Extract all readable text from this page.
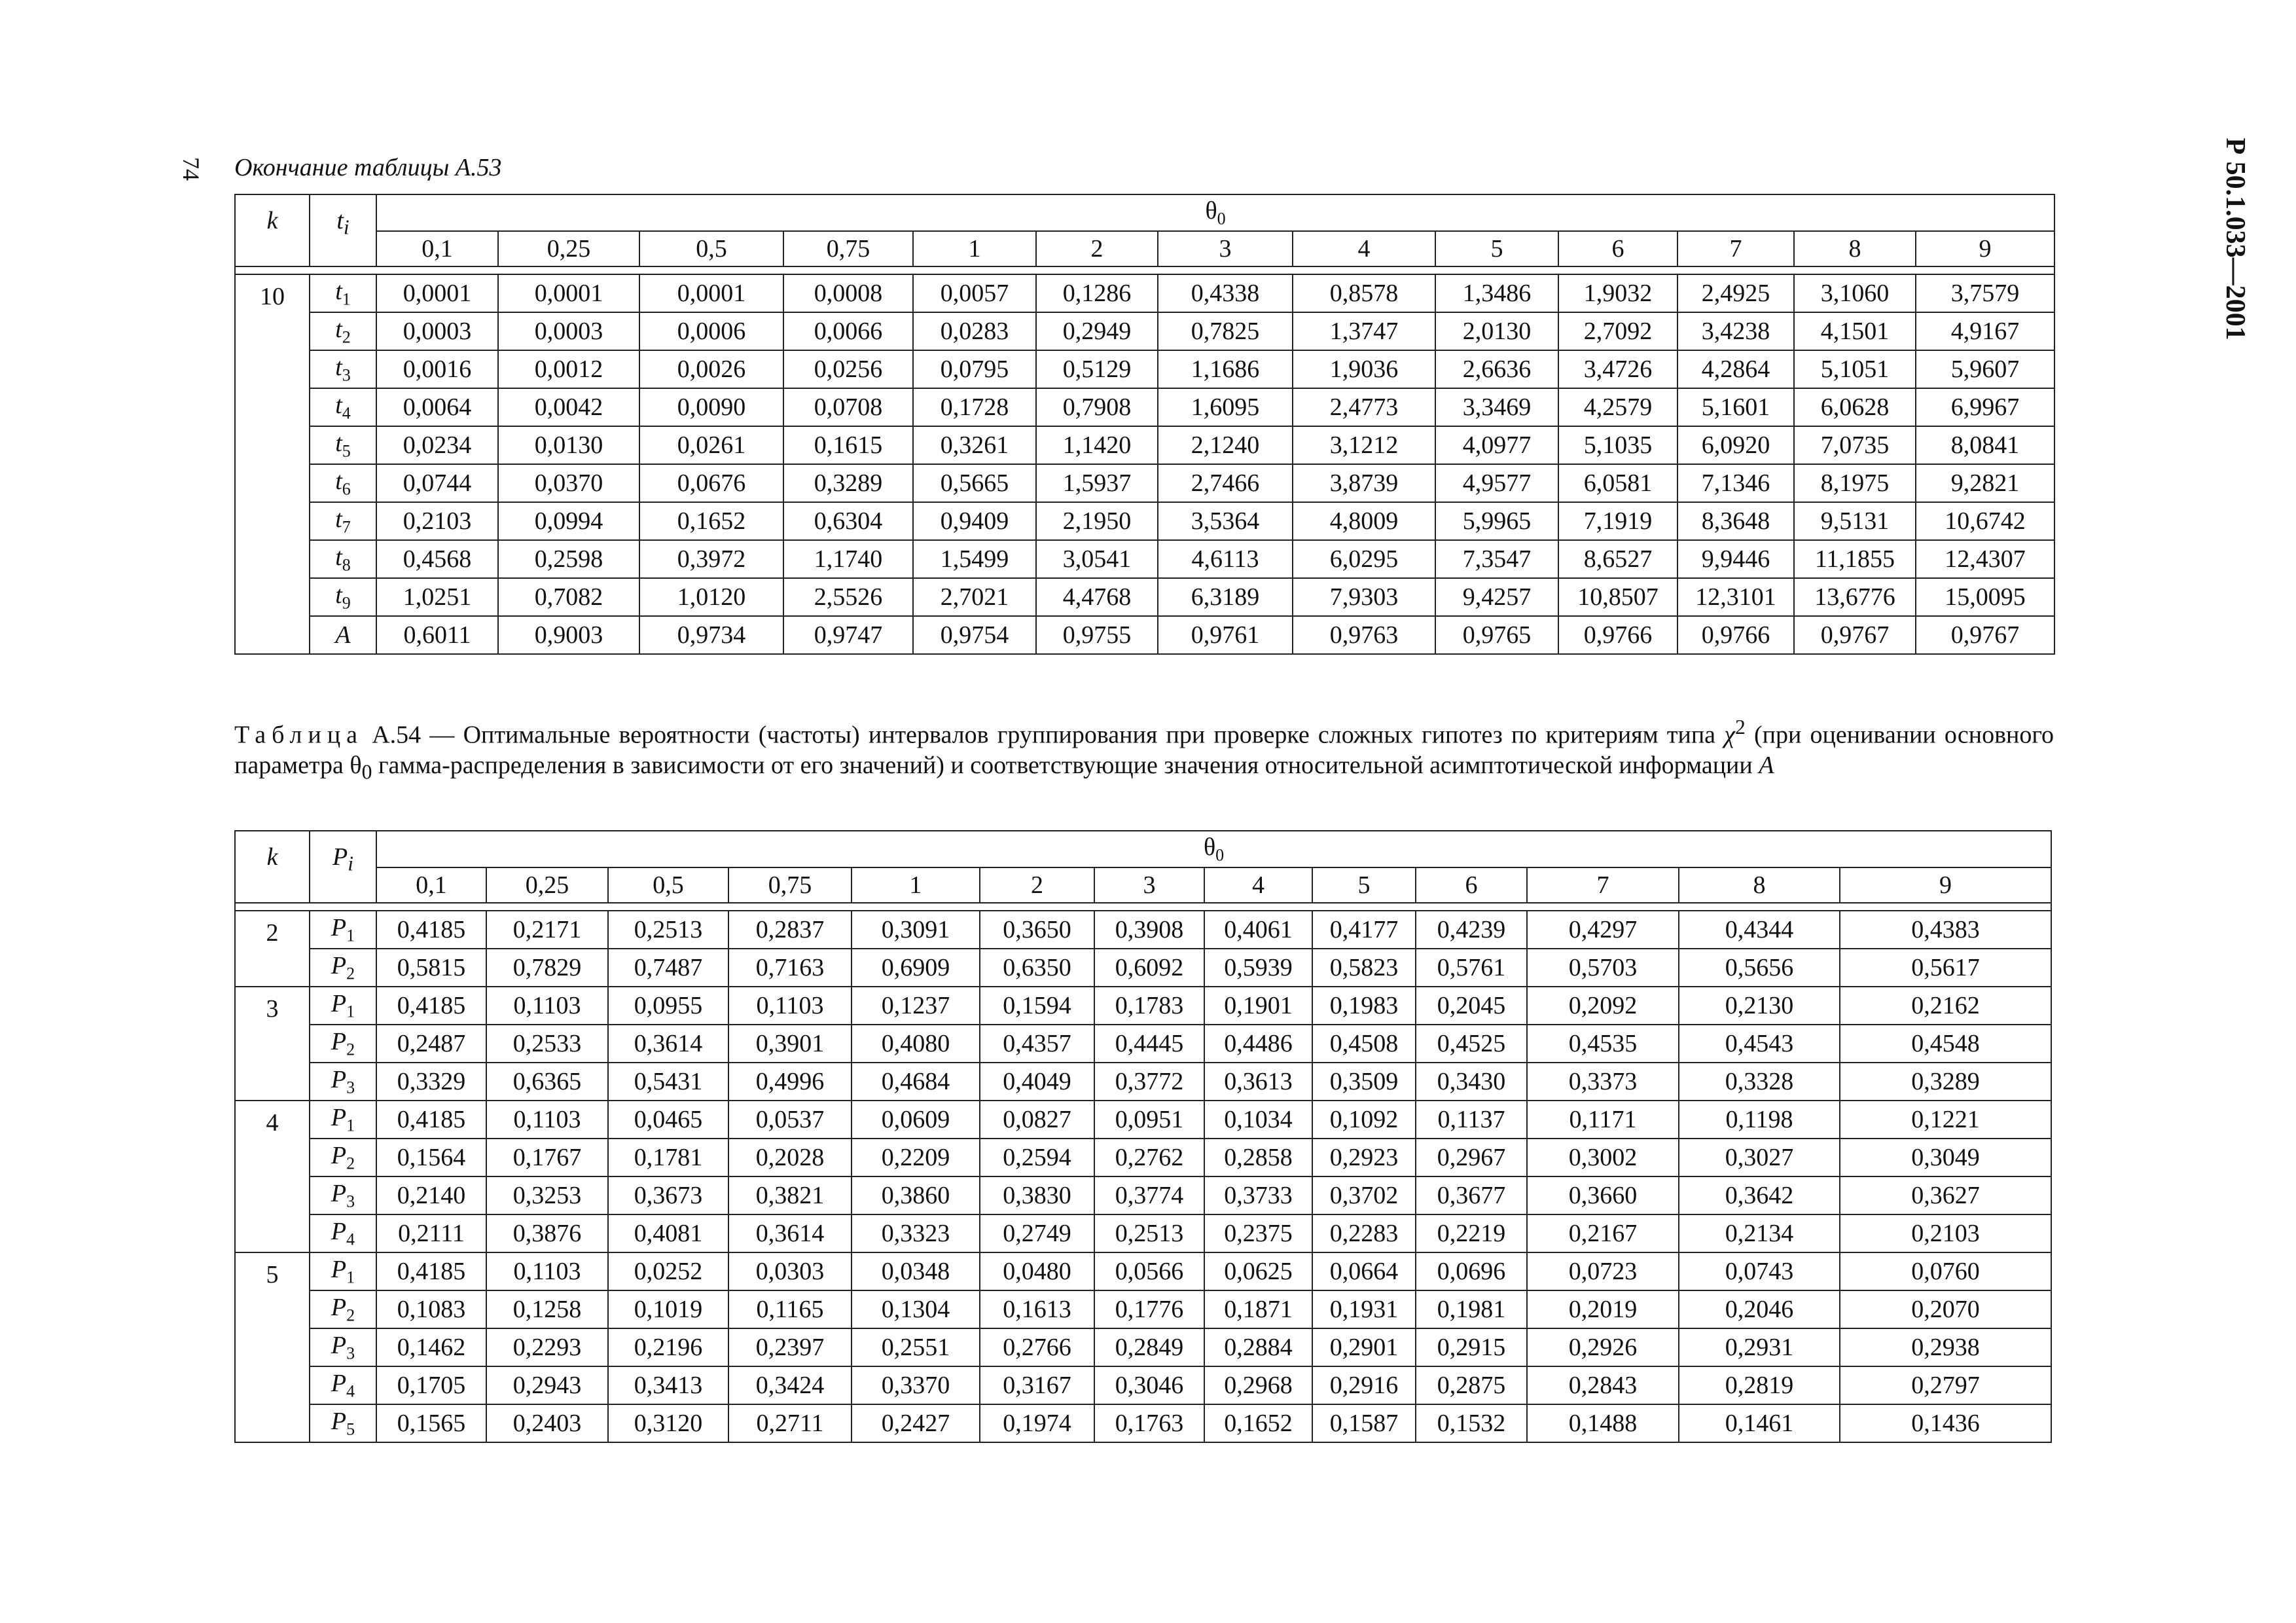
74	Р 50.1.033—2001
Окончание таблицы А.53
k	$t_i$	$\theta_0$
		0,1	0,25	0,5	0,75	1	2	3	4	5	6	7	8	9

10	$t_1$	0,0001	0,0001	0,0001	0,0008	0,0057	0,1286	0,4338	0,8578	1,3486	1,9032	2,4925	3,1060	3,7579
	$t_2$	0,0003	0,0003	0,0006	0,0066	0,0283	0,2949	0,7825	1,3747	2,0130	2,7092	3,4238	4,1501	4,9167
	$t_3$	0,0016	0,0012	0,0026	0,0256	0,0795	0,5129	1,1686	1,9036	2,6636	3,4726	4,2864	5,1051	5,9607
	$t_4$	0,0064	0,0042	0,0090	0,0708	0,1728	0,7908	1,6095	2,4773	3,3469	4,2579	5,1601	6,0628	6,9967
	$t_5$	0,0234	0,0130	0,0261	0,1615	0,3261	1,1420	2,1240	3,1212	4,0977	5,1035	6,0920	7,0735	8,0841
	$t_6$	0,0744	0,0370	0,0676	0,3289	0,5665	1,5937	2,7466	3,8739	4,9577	6,0581	7,1346	8,1975	9,2821
	$t_7$	0,2103	0,0994	0,1652	0,6304	0,9409	2,1950	3,5364	4,8009	5,9965	7,1919	8,3648	9,5131	10,6742
	$t_8$	0,4568	0,2598	0,3972	1,1740	1,5499	3,0541	4,6113	6,0295	7,3547	8,6527	9,9446	11,1855	12,4307
	$t_9$	1,0251	0,7082	1,0120	2,5526	2,7021	4,4768	6,3189	7,9303	9,4257	10,8507	12,3101	13,6776	15,0095
	A	0,6011	0,9003	0,9734	0,9747	0,9754	0,9755	0,9761	0,9763	0,9765	0,9766	0,9766	0,9767	0,9767
Таблица А.54 — Оптимальные вероятности (частоты) интервалов группирования при проверке сложных гипотез по критериям типа $\chi^2$ (при оценивании основного параметра $\theta_0$ гамма-распределения в зависимости от его значений) и соответствующие значения относительной асимптотической информации A
k	$P_i$	$\theta_0$
		0,1	0,25	0,5	0,75	1	2	3	4	5	6	7	8	9

2	$P_1$	0,4185	0,2171	0,2513	0,2837	0,3091	0,3650	0,3908	0,4061	0,4177	0,4239	0,4297	0,4344	0,4383
	$P_2$	0,5815	0,7829	0,7487	0,7163	0,6909	0,6350	0,6092	0,5939	0,5823	0,5761	0,5703	0,5656	0,5617
3	$P_1$	0,4185	0,1103	0,0955	0,1103	0,1237	0,1594	0,1783	0,1901	0,1983	0,2045	0,2092	0,2130	0,2162
	$P_2$	0,2487	0,2533	0,3614	0,3901	0,4080	0,4357	0,4445	0,4486	0,4508	0,4525	0,4535	0,4543	0,4548
	$P_3$	0,3329	0,6365	0,5431	0,4996	0,4684	0,4049	0,3772	0,3613	0,3509	0,3430	0,3373	0,3328	0,3289
4	$P_1$	0,4185	0,1103	0,0465	0,0537	0,0609	0,0827	0,0951	0,1034	0,1092	0,1137	0,1171	0,1198	0,1221
	$P_2$	0,1564	0,1767	0,1781	0,2028	0,2209	0,2594	0,2762	0,2858	0,2923	0,2967	0,3002	0,3027	0,3049
	$P_3$	0,2140	0,3253	0,3673	0,3821	0,3860	0,3830	0,3774	0,3733	0,3702	0,3677	0,3660	0,3642	0,3627
	$P_4$	0,2111	0,3876	0,4081	0,3614	0,3323	0,2749	0,2513	0,2375	0,2283	0,2219	0,2167	0,2134	0,2103
5	$P_1$	0,4185	0,1103	0,0252	0,0303	0,0348	0,0480	0,0566	0,0625	0,0664	0,0696	0,0723	0,0743	0,0760
	$P_2$	0,1083	0,1258	0,1019	0,1165	0,1304	0,1613	0,1776	0,1871	0,1931	0,1981	0,2019	0,2046	0,2070
	$P_3$	0,1462	0,2293	0,2196	0,2397	0,2551	0,2766	0,2849	0,2884	0,2901	0,2915	0,2926	0,2931	0,2938
	$P_4$	0,1705	0,2943	0,3413	0,3424	0,3370	0,3167	0,3046	0,2968	0,2916	0,2875	0,2843	0,2819	0,2797
	$P_5$	0,1565	0,2403	0,3120	0,2711	0,2427	0,1974	0,1763	0,1652	0,1587	0,1532	0,1488	0,1461	0,1436
